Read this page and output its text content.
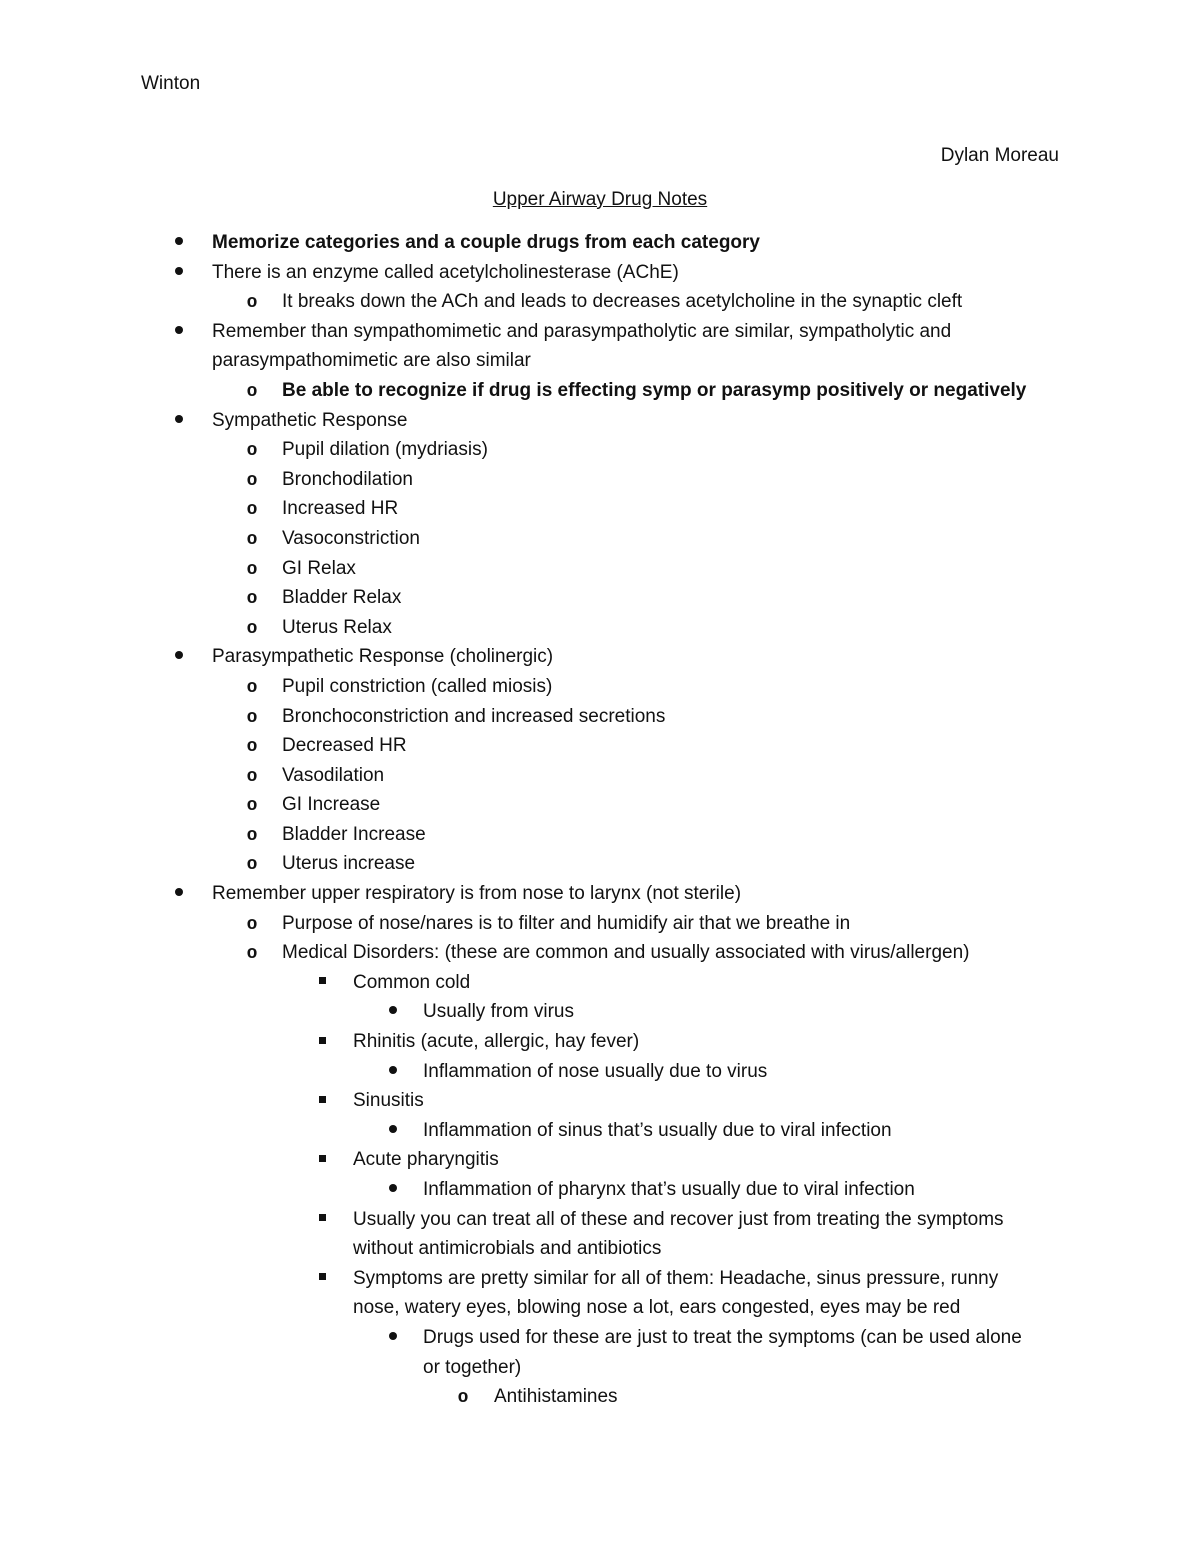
Winton
Dylan Moreau
Upper Airway Drug Notes
Memorize categories and a couple drugs from each category
There is an enzyme called acetylcholinesterase (AChE)
o It breaks down the ACh and leads to decreases acetylcholine in the synaptic cleft
Remember than sympathomimetic and parasympatholytic are similar, sympatholytic and
parasympathomimetic are also similar
o Be able to recognize if drug is effecting symp or parasymp positively or negatively
Sympathetic Response
o Pupil dilation (mydriasis)
o Bronchodilation
o Increased HR
o Vasoconstriction
o GI Relax
o Bladder Relax
o Uterus Relax
Parasympathetic Response (cholinergic)
o Pupil constriction (called miosis)
o Bronchoconstriction and increased secretions
o Decreased HR
o Vasodilation
o GI Increase
o Bladder Increase
o Uterus increase
Remember upper respiratory is from nose to larynx (not sterile)
o Purpose of nose/nares is to filter and humidify air that we breathe in
o Medical Disorders: (these are common and usually associated with virus/allergen)
Common cold
Usually from virus
Rhinitis (acute, allergic, hay fever)
Inflammation of nose usually due to virus
Sinusitis
Inflammation of sinus that’s usually due to viral infection
Acute pharyngitis
Inflammation of pharynx that’s usually due to viral infection
Usually you can treat all of these and recover just from treating the symptoms
without antimicrobials and antibiotics
Symptoms are pretty similar for all of them: Headache, sinus pressure, runny
nose, watery eyes, blowing nose a lot, ears congested, eyes may be red
Drugs used for these are just to treat the symptoms (can be used alone
or together)
o Antihistamines
